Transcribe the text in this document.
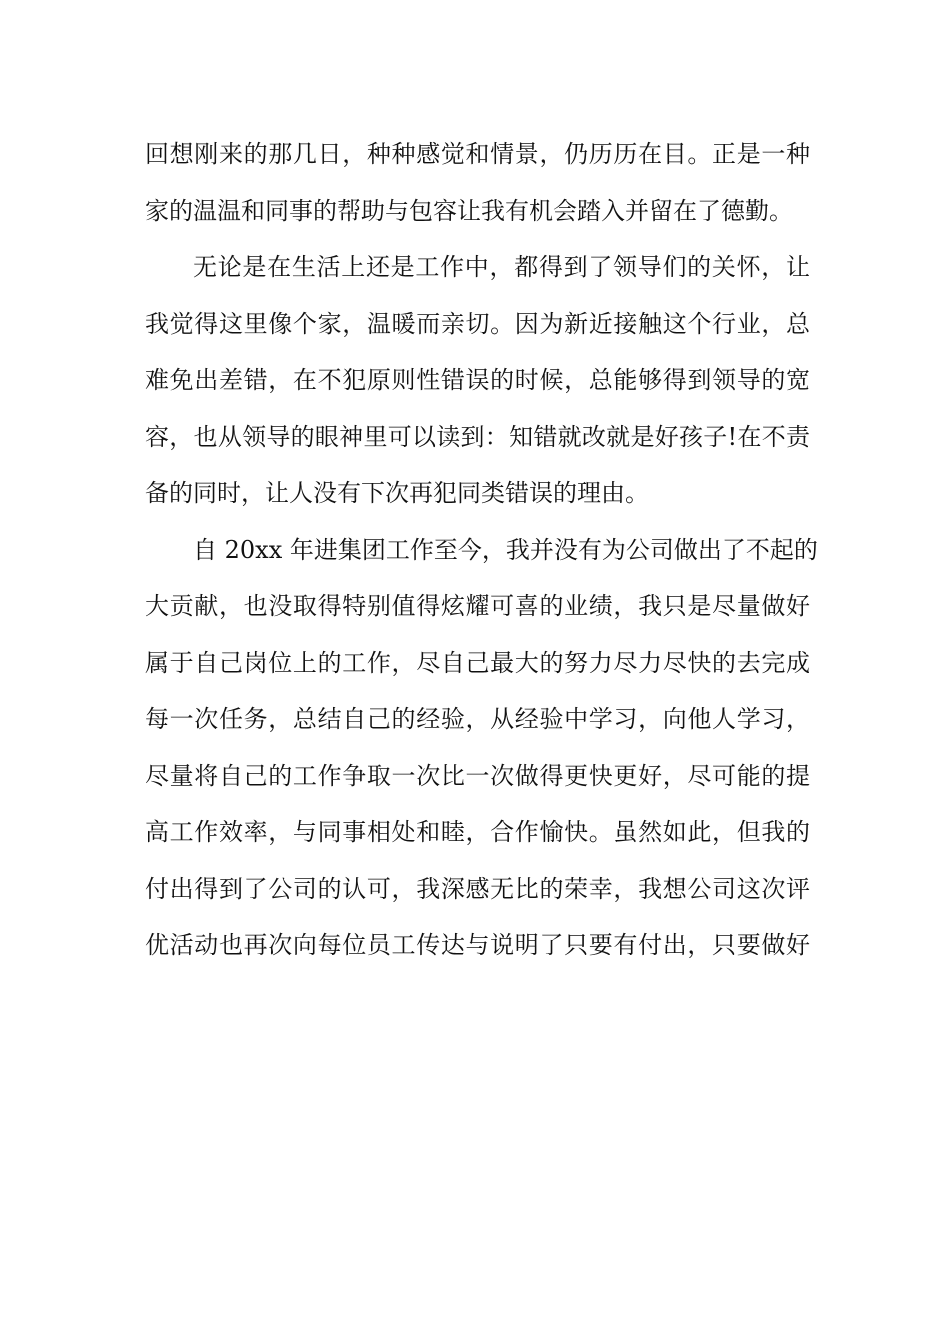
回想刚来的那几日，种种感觉和情景，仍历历在目。正是一种
家的温温和同事的帮助与包容让我有机会踏入并留在了德勤。
无论是在生活上还是工作中，都得到了领导们的关怀，让
我觉得这里像个家，温暖而亲切。因为新近接触这个行业，总
难免出差错，在不犯原则性错误的时候，总能够得到领导的宽
容，也从领导的眼神里可以读到：知错就改就是好孩子!在不责
备的同时，让人没有下次再犯同类错误的理由。
自 20xx 年进集团工作至今，我并没有为公司做出了不起的
大贡献，也没取得特别值得炫耀可喜的业绩，我只是尽量做好
属于自己岗位上的工作，尽自己最大的努力尽力尽快的去完成
每一次任务，总结自己的经验，从经验中学习，向他人学习，
尽量将自己的工作争取一次比一次做得更快更好，尽可能的提
高工作效率，与同事相处和睦，合作愉快。虽然如此，但我的
付出得到了公司的认可，我深感无比的荣幸，我想公司这次评
优活动也再次向每位员工传达与说明了只要有付出，只要做好
